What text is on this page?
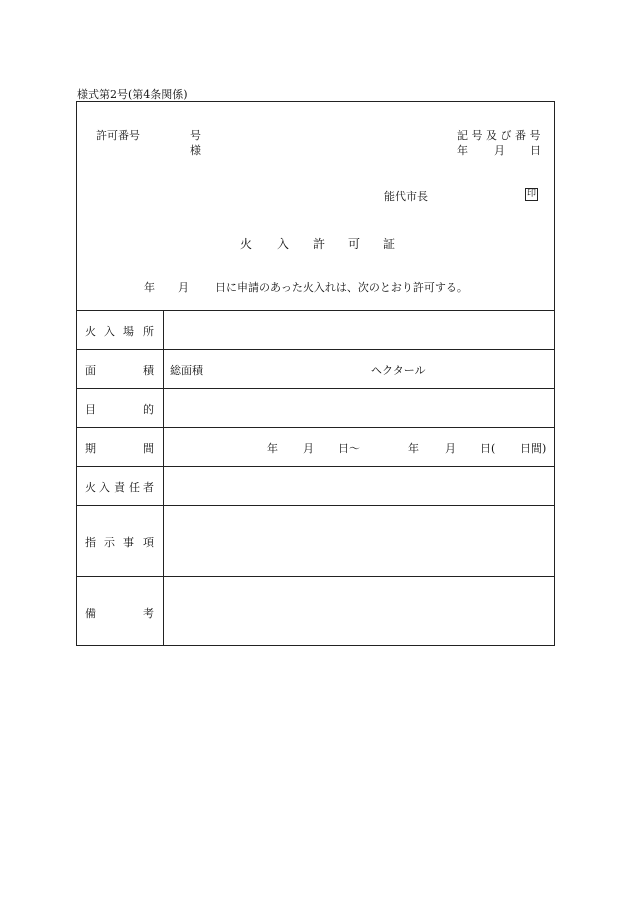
様式第2号(第4条関係)
許可番号	号
様
記 号 及 び 番 号
年 月 日
能代市長	印
火 入 許 可 証
年 月 日に申請のあった火入れは、次のとおり許可する。
火 入 場 所
面	積 総面積	ヘクタール
目	的
期	間	年 月 日〜	年 月 日( 日間)
火 入 責 任 者
指 示 事 項
備	考
